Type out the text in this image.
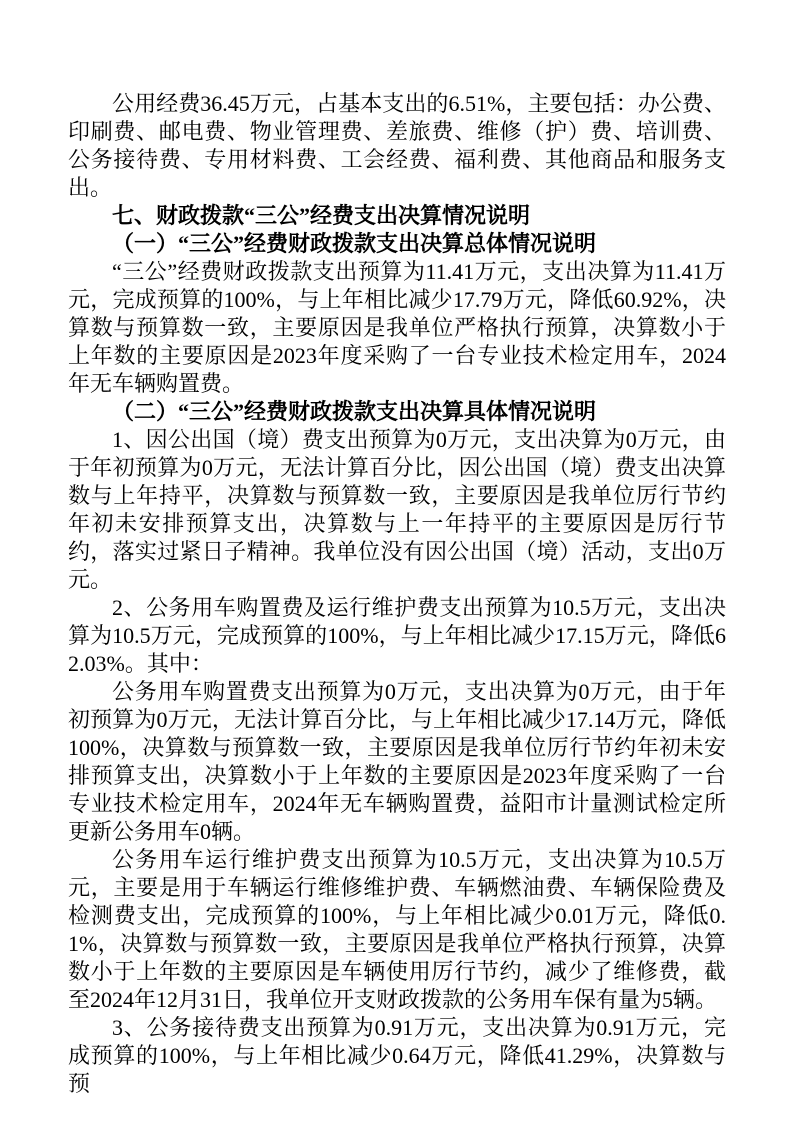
公用经费36.45万元，占基本支出的6.51%，主要包括：办公费、印刷费、邮电费、物业管理费、差旅费、维修（护）费、培训费、公务接待费、专用材料费、工会经费、福利费、其他商品和服务支出。

七、财政拨款“三公”经费支出决算情况说明

（一）“三公”经费财政拨款支出决算总体情况说明

“三公”经费财政拨款支出预算为11.41万元，支出决算为11.41万元，完成预算的100%，与上年相比减少17.79万元，降低60.92%，决算数与预算数一致，主要原因是我单位严格执行预算，决算数小于上年数的主要原因是2023年度采购了一台专业技术检定用车，2024年无车辆购置费。

（二）“三公”经费财政拨款支出决算具体情况说明

1、因公出国（境）费支出预算为0万元，支出决算为0万元，由于年初预算为0万元，无法计算百分比，因公出国（境）费支出决算数与上年持平，决算数与预算数一致，主要原因是我单位厉行节约年初未安排预算支出，决算数与上一年持平的主要原因是厉行节约，落实过紧日子精神。我单位没有因公出国（境）活动，支出0万元。

2、公务用车购置费及运行维护费支出预算为10.5万元，支出决算为10.5万元，完成预算的100%，与上年相比减少17.15万元，降低62.03%。其中：

公务用车购置费支出预算为0万元，支出决算为0万元，由于年初预算为0万元，无法计算百分比，与上年相比减少17.14万元，降低100%，决算数与预算数一致，主要原因是我单位厉行节约年初未安排预算支出，决算数小于上年数的主要原因是2023年度采购了一台专业技术检定用车，2024年无车辆购置费，益阳市计量测试检定所更新公务用车0辆。

公务用车运行维护费支出预算为10.5万元，支出决算为10.5万元，主要是用于车辆运行维修维护费、车辆燃油费、车辆保险费及检测费支出，完成预算的100%，与上年相比减少0.01万元，降低0.1%，决算数与预算数一致，主要原因是我单位严格执行预算，决算数小于上年数的主要原因是车辆使用厉行节约，减少了维修费，截至2024年12月31日，我单位开支财政拨款的公务用车保有量为5辆。

3、公务接待费支出预算为0.91万元，支出决算为0.91万元，完成预算的100%，与上年相比减少0.64万元，降低41.29%，决算数与预
